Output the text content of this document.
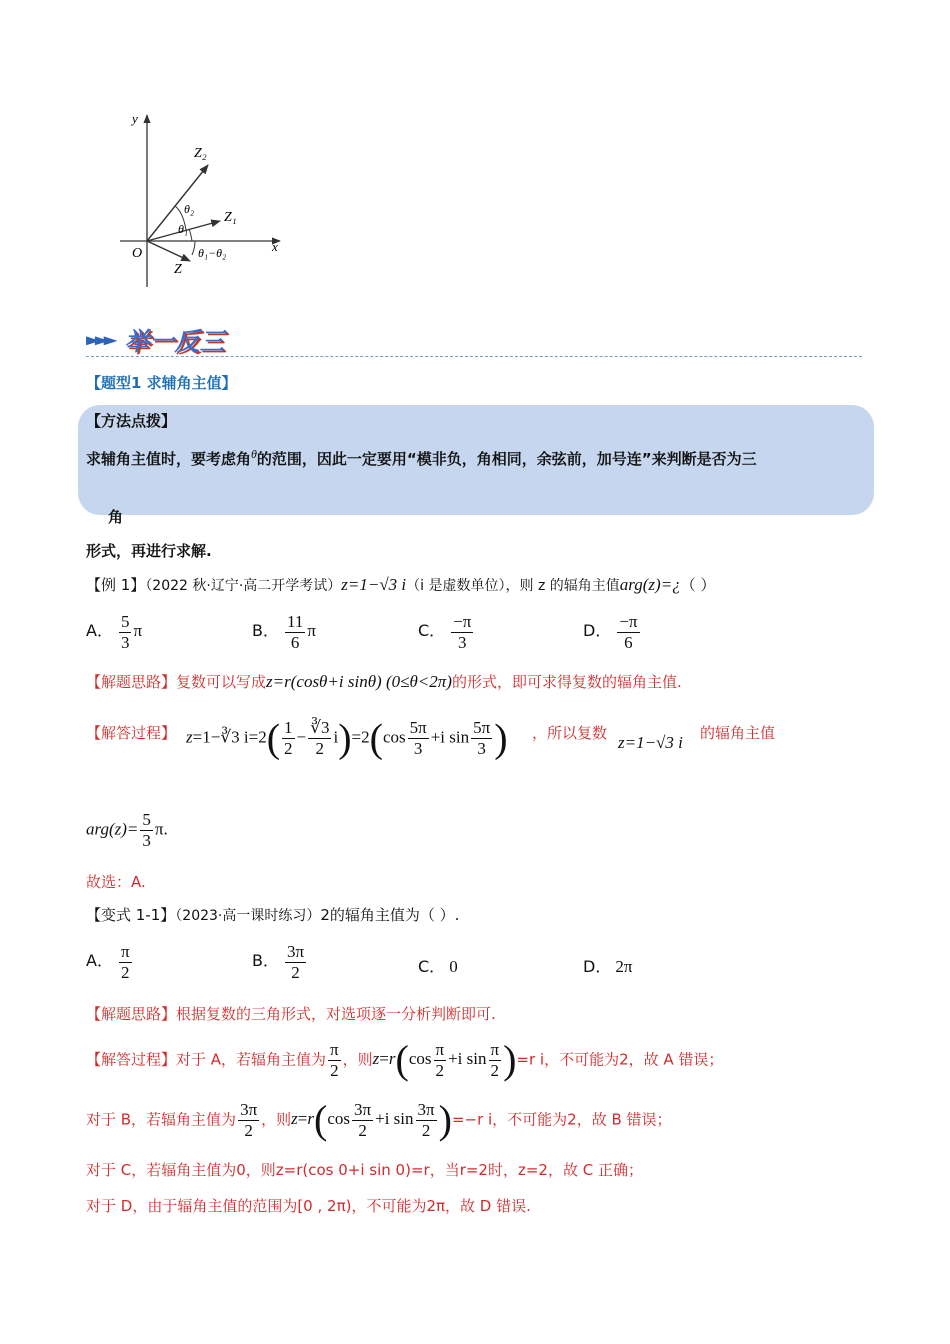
y
x
O
Z₂
Z₁
Z
θ₂
θ₁
θ₁−θ₂
►►► 举一反三
【题型1 求辅角主值】
【方法点拨】
求辅角主值时，要考虑角$^\theta$的范围，因此一定要用“模非负，角相同，余弦前，加号连”来判断是否为三
角
形式，再进行求解.
【例 1】（2022 秋·辽宁·高二开学考试）z=1−√3 i（i 是虚数单位），则 z 的辐角主值arg(z)=¿（ ）
A． $\frac{5}{3}$ π	B． $\frac{11}{6}$ π	C． $\frac{-\pi}{3}$	D． $\frac{-\pi}{6}$
【解题思路】复数可以写成z=r(cosθ+i sinθ) (0≤θ<2π)的形式，即可求得复数的辐角主值.
【解答过程】 z=1−∛3 $i=2( \frac{1}{2} - \frac{∛3}{2} i)=2(\cos \frac{5\pi}{3} +i$ $\sin \frac{5\pi}{3}$ ) ，所以复数 z=1−√3 i 的辐角主值
$arg(z)= \frac{5}{3} \pi$.
故选：A.
【变式 1-1】（2023·高一课时练习）2的辐角主值为（ ）.
A． $\frac{\pi}{2}$	B． $\frac{3\pi}{2}$	C． 0	D． 2π
【解题思路】根据复数的三角形式，对选项逐一分析判断即可.
【解答过程】对于 A，若辐角主值为 $\frac{\pi}{2}$ ，则$z=r(\cos \frac{\pi}{2} +i$ $\sin \frac{\pi}{2} )=r$ i，不可能为2，故 A 错误；
对于 B，若辐角主值为 $\frac{3\pi}{2}$ ，则$z=r(\cos \frac{3\pi}{2} +i$ $\sin \frac{3\pi}{2} )=-r$ i，不可能为2，故 B 错误；
对于 C，若辐角主值为0，则z=r(cos 0+i sin 0)=r，当r=2时，z=2，故 C 正确；
对于 D，由于辐角主值的范围为[0 , 2π)，不可能为2π，故 D 错误.
